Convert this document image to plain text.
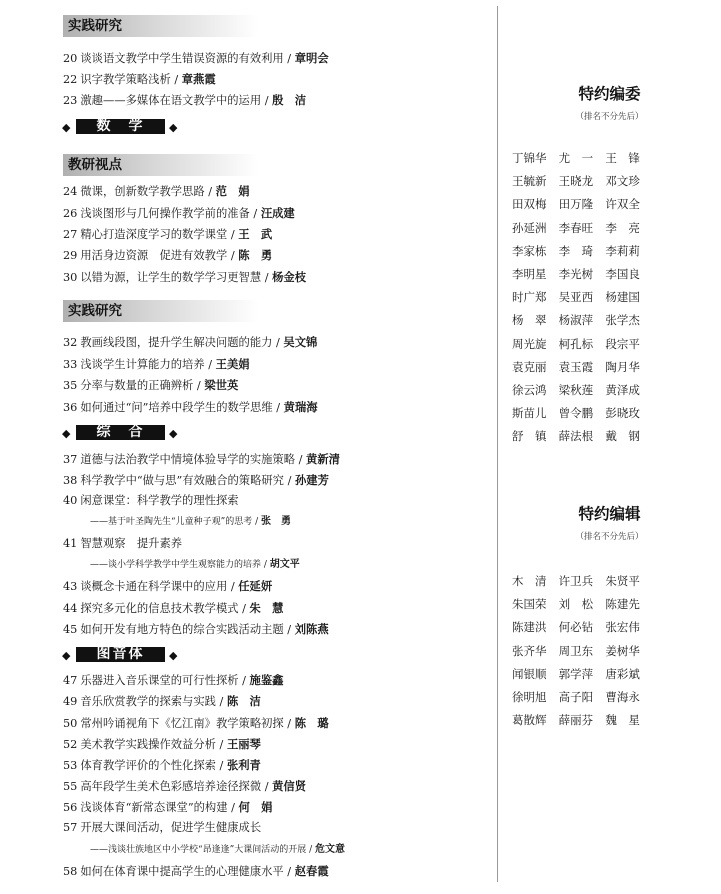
实践研究
20 谈谈语文教学中学生错误资源的有效利用 / 章明会
22 识字教学策略浅析 / 章燕霞
23 激趣——多媒体在语文教学中的运用 / 殷　洁
◆	数　学	◆
教研视点
24 微课，创新数学教学思路 / 范　娟
26 浅谈图形与几何操作教学前的准备 / 汪成建
27 精心打造深度学习的数学课堂 / 王　武
29 用活身边资源　促进有效教学 / 陈　勇
30 以错为源，让学生的数学学习更智慧 / 杨金枝
实践研究
32 教画线段图，提升学生解决问题的能力 / 吴文锦
33 浅谈学生计算能力的培养 / 王美娟
35 分率与数量的正确辨析 / 梁世英
36 如何通过“问”培养中段学生的数学思维 / 黄瑞海
◆	综　合	◆
37 道德与法治教学中情境体验导学的实施策略 / 黄新清
38 科学教学中“做与思”有效融合的策略研究 / 孙建芳
40 闲意课堂：科学教学的理性探索
——基于叶圣陶先生“儿童种子观”的思考 / 张　勇
41 智慧观察　提升素养
——谈小学科学教学中学生观察能力的培养 / 胡文平
43 谈概念卡通在科学课中的应用 / 任延妍
44 探究多元化的信息技术教学模式 / 朱　慧
45 如何开发有地方特色的综合实践活动主题 / 刘陈燕
◆	图音体	◆
47 乐器进入音乐课堂的可行性探析 / 施鉴鑫
49 音乐欣赏教学的探索与实践 / 陈　洁
50 常州吟诵视角下《忆江南》教学策略初探 / 陈　璐
52 美术教学实践操作效益分析 / 王丽琴
53 体育教学评价的个性化探索 / 张利青
55 高年段学生美术色彩感培养途径探微 / 黄信贤
56 浅谈体育“新常态课堂”的构建 / 何　娟
57 开展大课间活动，促进学生健康成长
——浅谈壮族地区中小学校“昂逢逢”大课间活动的开展 / 危文意
58 如何在体育课中提高学生的心理健康水平 / 赵春霞
特约编委
（排名不分先后）
丁锦华	尤　一	王　锋
王毓新	王晓龙	邓文珍
田双梅	田万隆	许双全
孙延洲	李春旺	李　亮
李家栋	李　琦	李莉莉
李明星	李光树	李国良
时广郑	吴亚西	杨建国
杨　翠	杨淑萍	张学杰
周光旋	柯孔标	段宗平
袁克丽	袁玉霞	陶月华
徐云鸿	梁秋莲	黄泽成
斯苗儿	曾令鹏	彭晓玫
舒　镇	薛法根	戴　钢
特约编辑
（排名不分先后）
木　清	许卫兵	朱贤平
朱国荣	刘　松	陈建先
陈建洪	何必钻	张宏伟
张齐华	周卫东	姜树华
闻银顺	郭学萍	唐彩斌
徐明旭	高子阳	曹海永
葛散辉	薛丽芬	魏　星
